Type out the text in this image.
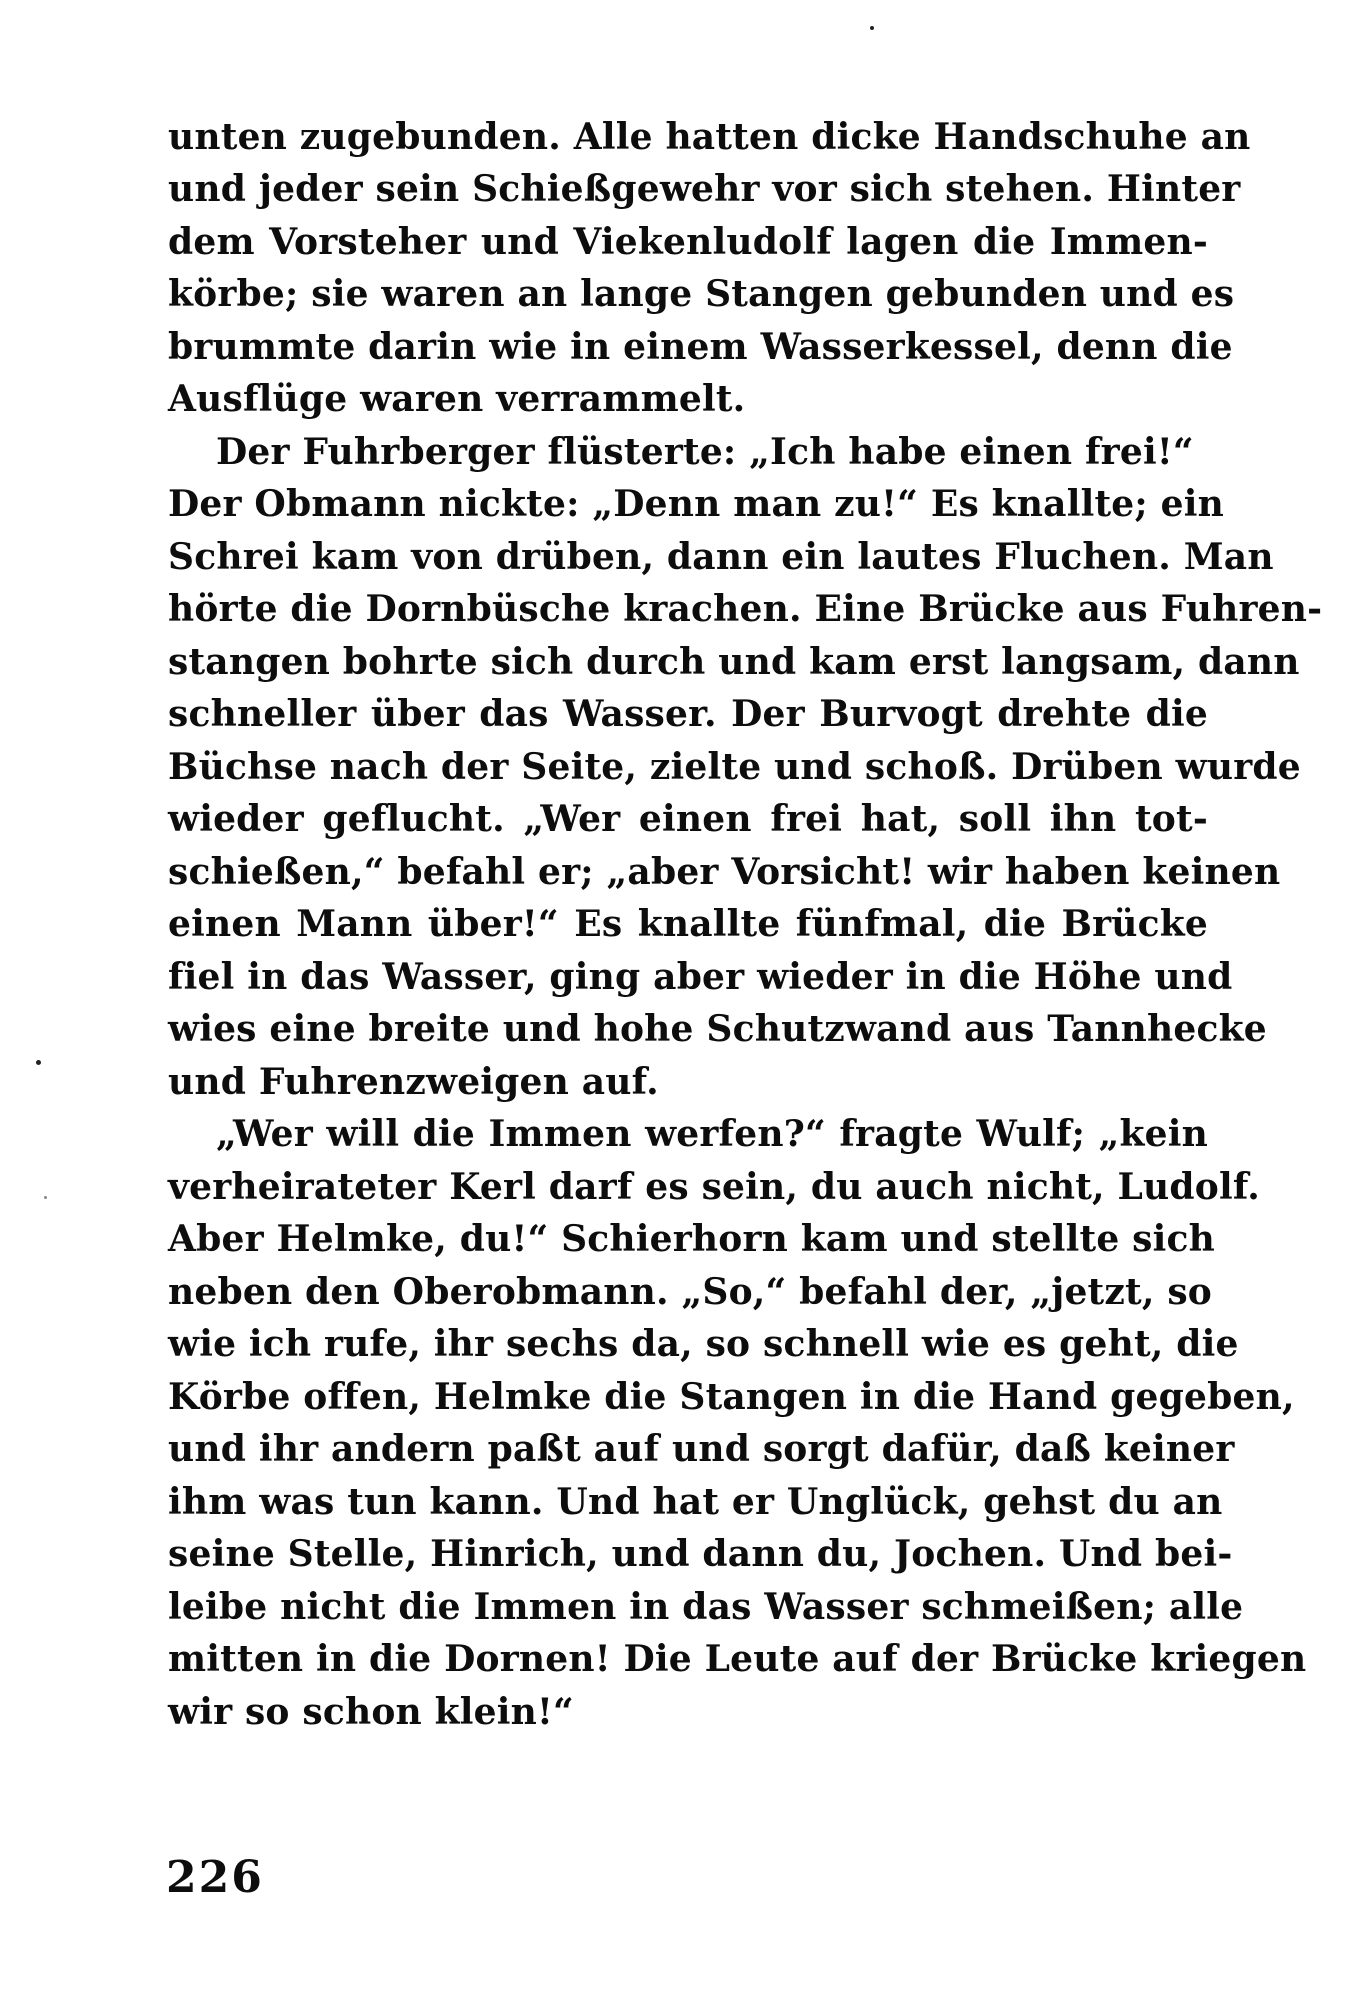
unten zugebunden. Alle hatten dicke Handschuhe an
und jeder sein Schießgewehr vor sich stehen. Hinter
dem Vorsteher und Viekenludolf lagen die Immen-
körbe; sie waren an lange Stangen gebunden und es
brummte darin wie in einem Wasserkessel, denn die
Ausflüge waren verrammelt.
Der Fuhrberger flüsterte: „Ich habe einen frei!“
Der Obmann nickte: „Denn man zu!“ Es knallte; ein
Schrei kam von drüben, dann ein lautes Fluchen. Man
hörte die Dornbüsche krachen. Eine Brücke aus Fuhren-
stangen bohrte sich durch und kam erst langsam, dann
schneller über das Wasser. Der Burvogt drehte die
Büchse nach der Seite, zielte und schoß. Drüben wurde
wieder geflucht. „Wer einen frei hat, soll ihn tot-
schießen,“ befahl er; „aber Vorsicht! wir haben keinen
einen Mann über!“ Es knallte fünfmal, die Brücke
fiel in das Wasser, ging aber wieder in die Höhe und
wies eine breite und hohe Schutzwand aus Tannhecke
und Fuhrenzweigen auf.
„Wer will die Immen werfen?“ fragte Wulf; „kein
verheirateter Kerl darf es sein, du auch nicht, Ludolf.
Aber Helmke, du!“ Schierhorn kam und stellte sich
neben den Oberobmann. „So,“ befahl der, „jetzt, so
wie ich rufe, ihr sechs da, so schnell wie es geht, die
Körbe offen, Helmke die Stangen in die Hand gegeben,
und ihr andern paßt auf und sorgt dafür, daß keiner
ihm was tun kann. Und hat er Unglück, gehst du an
seine Stelle, Hinrich, und dann du, Jochen. Und bei-
leibe nicht die Immen in das Wasser schmeißen; alle
mitten in die Dornen! Die Leute auf der Brücke kriegen
wir so schon klein!“
226
